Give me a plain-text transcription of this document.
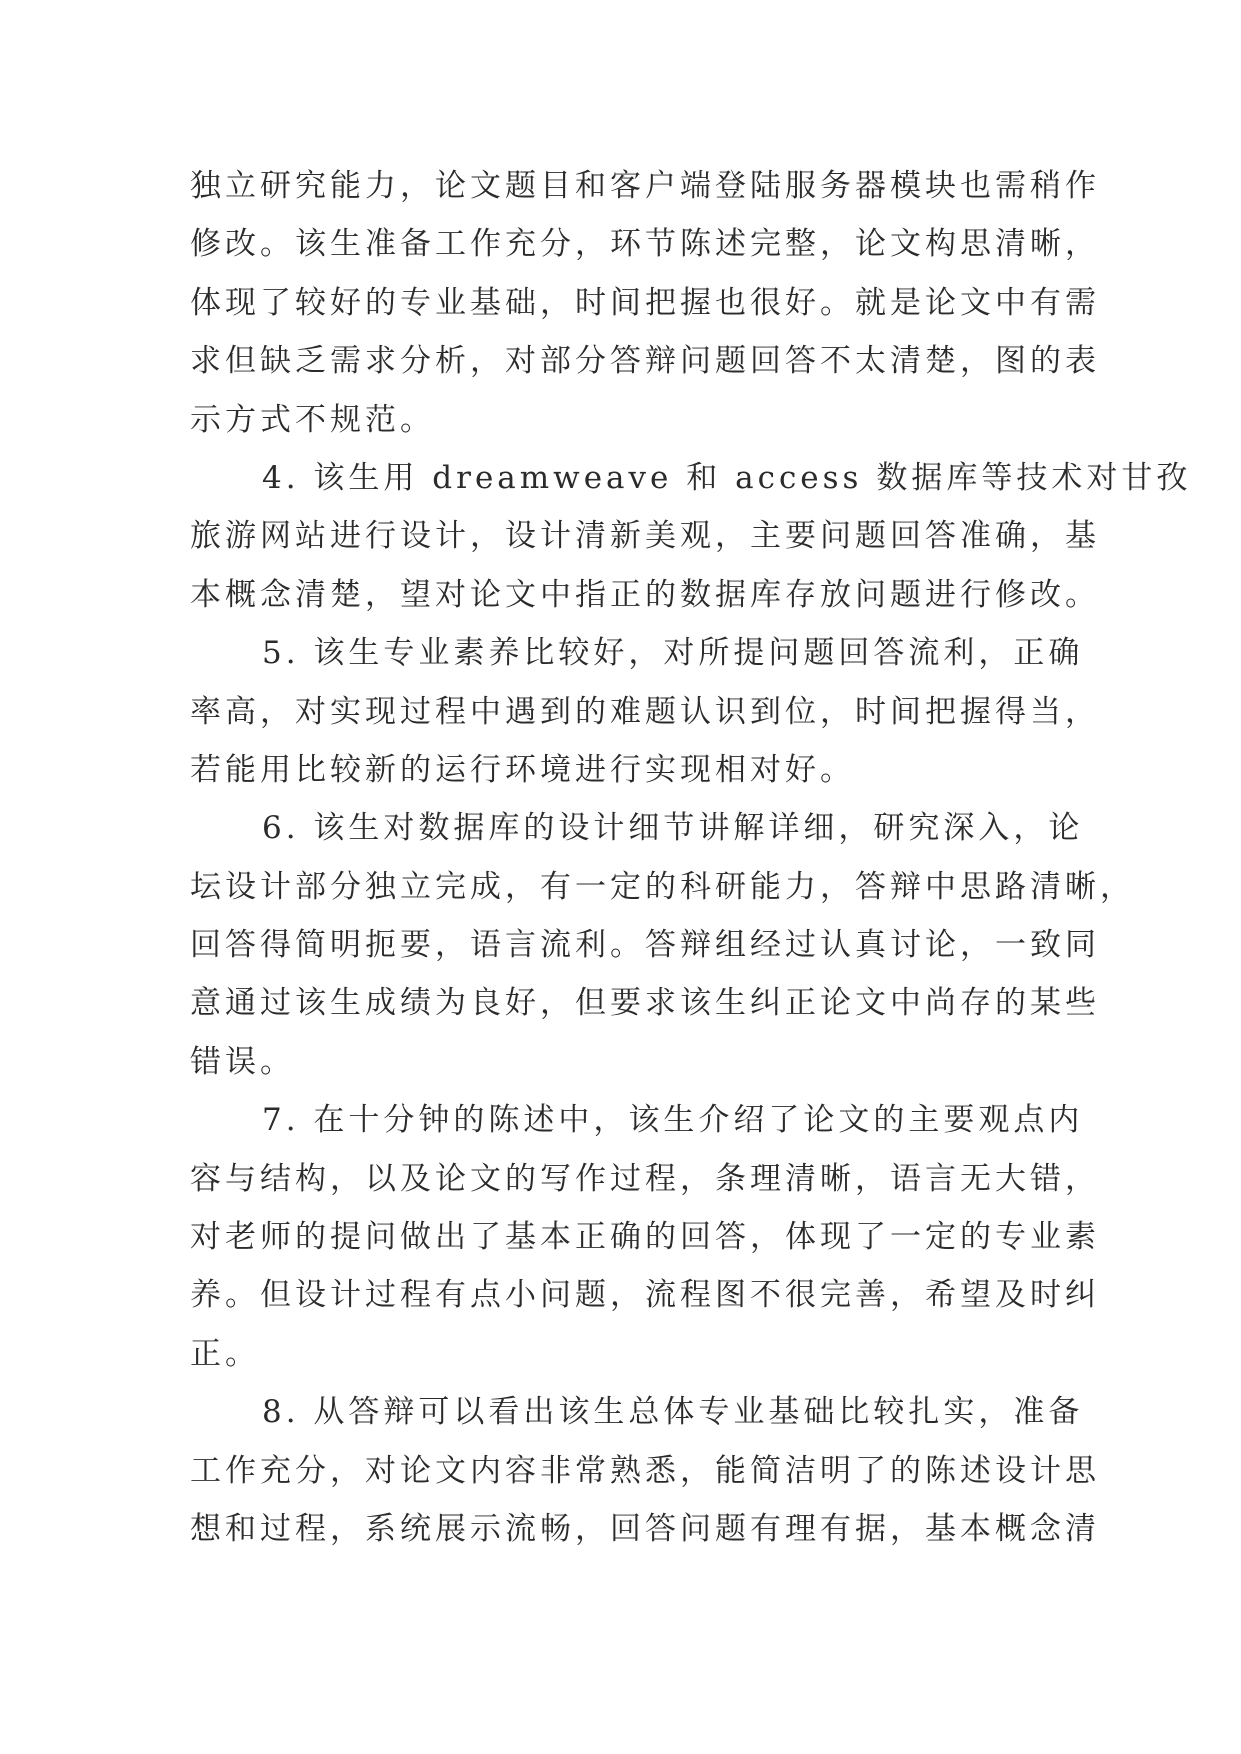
独立研究能力，论文题目和客户端登陆服务器模块也需稍作
修改。该生准备工作充分，环节陈述完整，论文构思清晰，
体现了较好的专业基础，时间把握也很好。就是论文中有需
求但缺乏需求分析，对部分答辩问题回答不太清楚，图的表
示方式不规范。
4. 该生用 dreamweave 和 access 数据库等技术对甘孜
旅游网站进行设计，设计清新美观，主要问题回答准确，基
本概念清楚，望对论文中指正的数据库存放问题进行修改。
5. 该生专业素养比较好，对所提问题回答流利，正确
率高，对实现过程中遇到的难题认识到位，时间把握得当，
若能用比较新的运行环境进行实现相对好。
6. 该生对数据库的设计细节讲解详细，研究深入，论
坛设计部分独立完成，有一定的科研能力，答辩中思路清晰，
回答得简明扼要，语言流利。答辩组经过认真讨论，一致同
意通过该生成绩为良好，但要求该生纠正论文中尚存的某些
错误。
7. 在十分钟的陈述中，该生介绍了论文的主要观点内
容与结构，以及论文的写作过程，条理清晰，语言无大错，
对老师的提问做出了基本正确的回答，体现了一定的专业素
养。但设计过程有点小问题，流程图不很完善，希望及时纠
正。
8. 从答辩可以看出该生总体专业基础比较扎实，准备
工作充分，对论文内容非常熟悉，能简洁明了的陈述设计思
想和过程，系统展示流畅，回答问题有理有据，基本概念清
